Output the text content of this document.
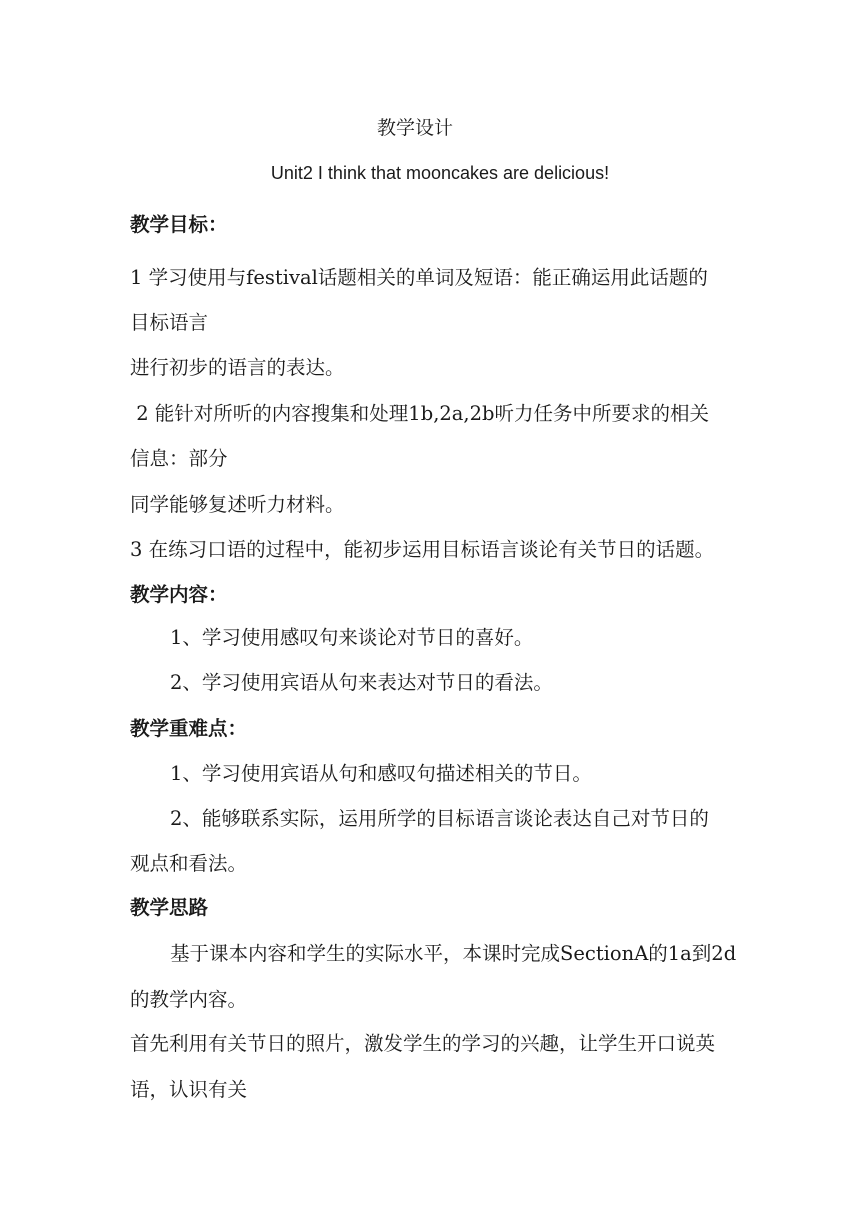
教学设计
Unit2 I think that mooncakes are delicious!
教学目标：
1 学习使用与festival话题相关的单词及短语：能正确运用此话题的
目标语言
进行初步的语言的表达。
2 能针对所听的内容搜集和处理1b,2a,2b听力任务中所要求的相关
信息：部分
同学能够复述听力材料。
3 在练习口语的过程中，能初步运用目标语言谈论有关节日的话题。
教学内容：
1、学习使用感叹句来谈论对节日的喜好。
2、学习使用宾语从句来表达对节日的看法。
教学重难点：
1、学习使用宾语从句和感叹句描述相关的节日。
2、能够联系实际，运用所学的目标语言谈论表达自己对节日的
观点和看法。
教学思路
基于课本内容和学生的实际水平，本课时完成SectionA的1a到2d
的教学内容。
首先利用有关节日的照片，激发学生的学习的兴趣，让学生开口说英
语，认识有关
